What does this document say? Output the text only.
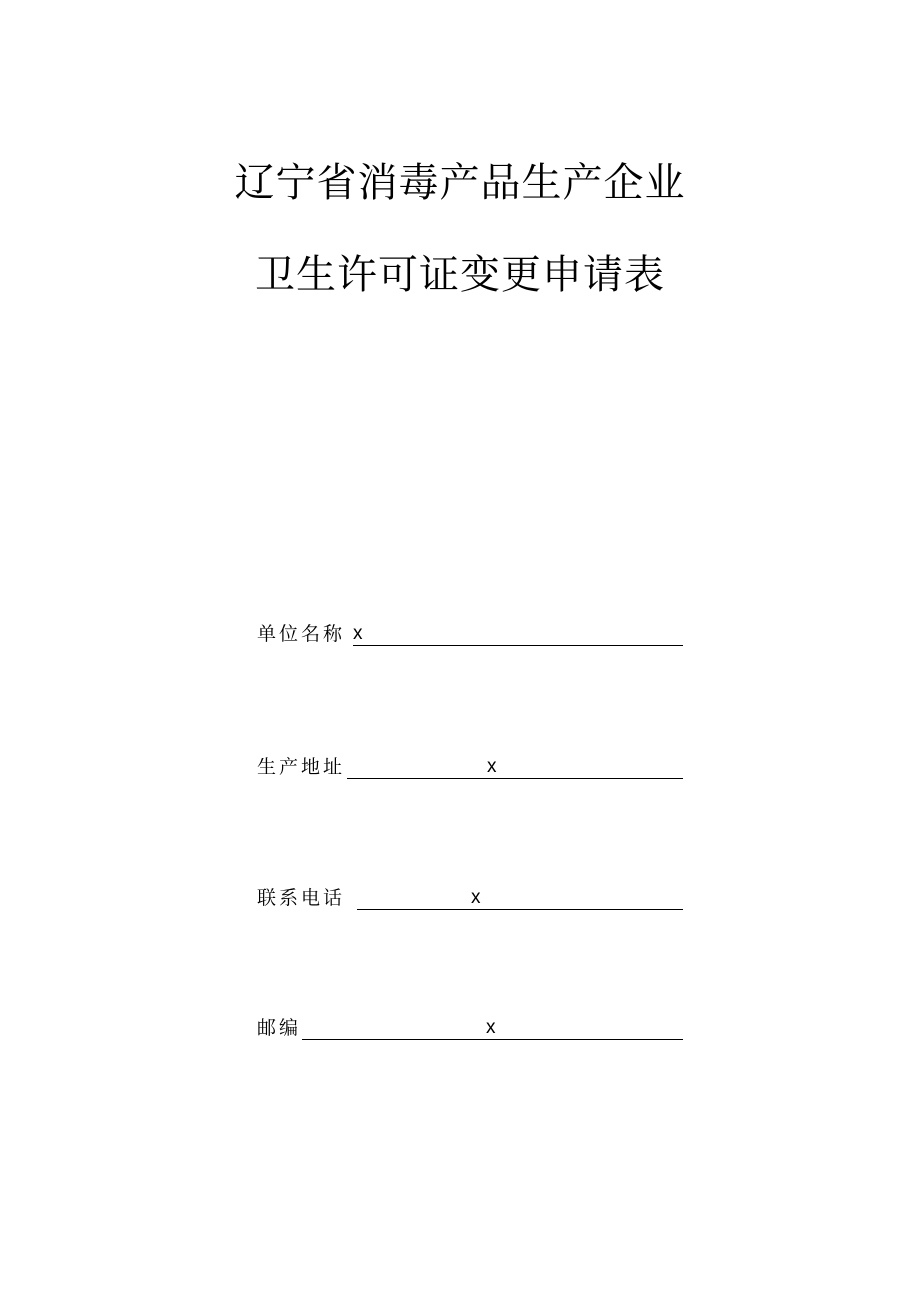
辽宁省消毒产品生产企业
卫生许可证变更申请表
单位名称 x
生产地址	x
联系电话	x
邮编	x
